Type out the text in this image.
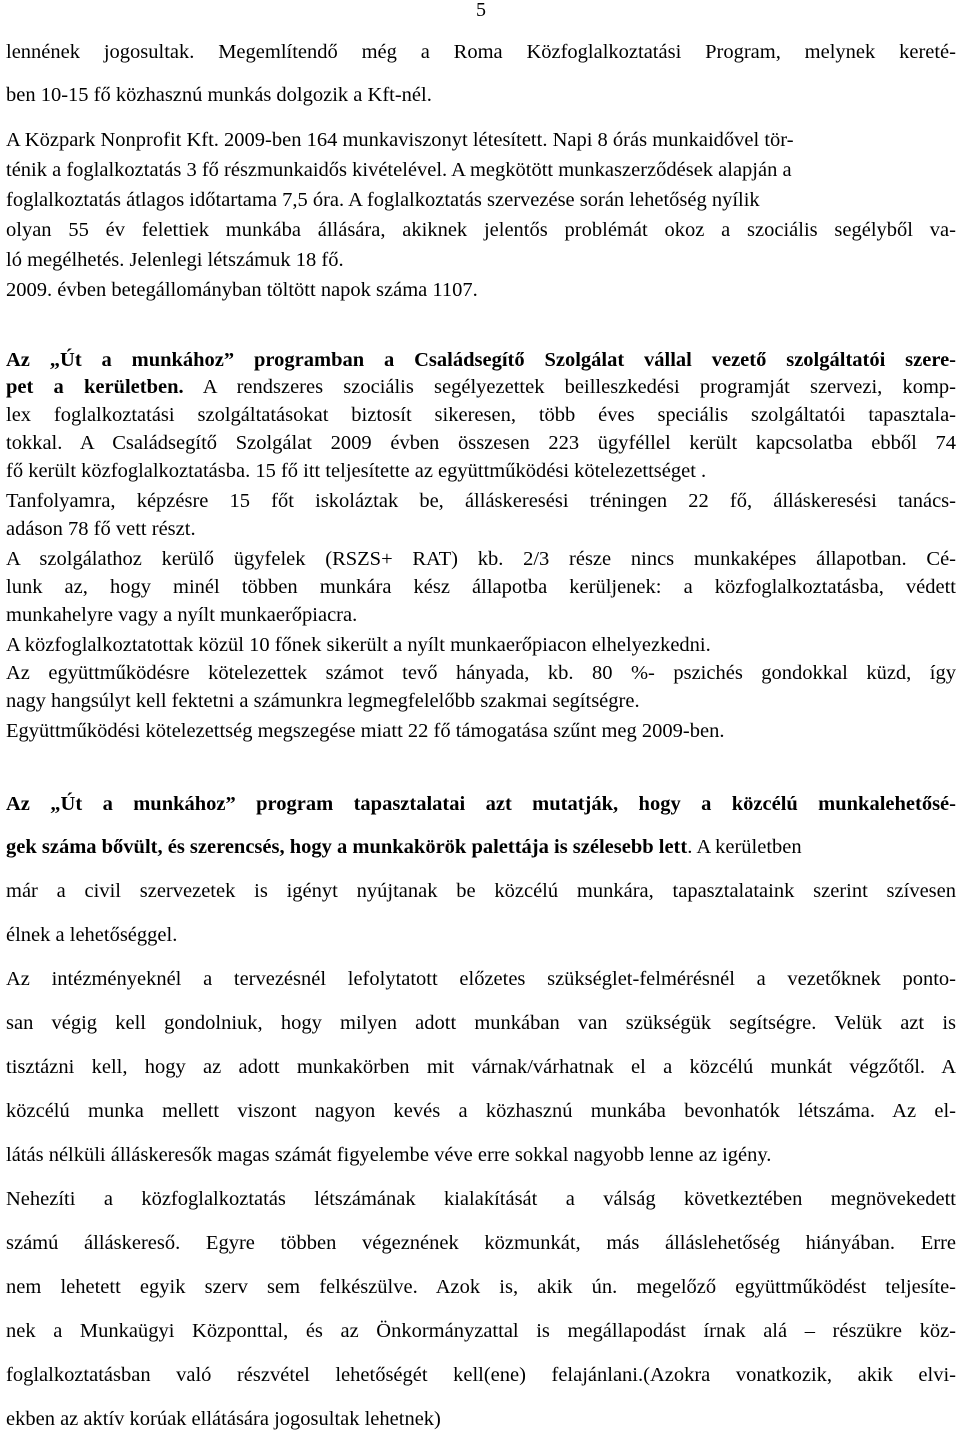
5
lennének jogosultak. Megemlítendő még a Roma Közfoglalkoztatási Program, melynek kereté-
ben 10-15 fő közhasznú munkás dolgozik a Kft-nél.
A Közpark Nonprofit Kft. 2009-ben 164 munkaviszonyt létesített. Napi 8 órás munkaidővel tör-
ténik a foglalkoztatás 3 fő részmunkaidős kivételével. A megkötött munkaszerződések alapján a
foglalkoztatás átlagos időtartama 7,5 óra. A foglalkoztatás szervezése során lehetőség nyílik
olyan 55 év felettiek munkába állására, akiknek jelentős problémát okoz a szociális segélyből va-
ló megélhetés. Jelenlegi létszámuk 18 fő.
2009. évben betegállományban töltött napok száma 1107.
Az „Út a munkához” programban a Családsegítő Szolgálat vállal vezető szolgáltatói szere-
pet a kerületben. A rendszeres szociális segélyezettek beilleszkedési programját szervezi, komp-
lex foglalkoztatási szolgáltatásokat biztosít sikeresen, több éves speciális szolgáltatói tapasztala-
tokkal. A Családsegítő Szolgálat 2009 évben összesen 223 ügyféllel került kapcsolatba ebből 74
fő került közfoglalkoztatásba. 15 fő itt teljesítette az együttműködési kötelezettséget .
Tanfolyamra, képzésre 15 főt iskoláztak be, álláskeresési tréningen 22 fő, álláskeresési tanács-
adáson 78 fő vett részt.
A szolgálathoz kerülő ügyfelek (RSZS+ RAT) kb. 2/3 része nincs munkaképes állapotban. Cé-
lunk az, hogy minél többen munkára kész állapotba kerüljenek: a közfoglalkoztatásba, védett
munkahelyre vagy a nyílt munkaerőpiacra.
A közfoglalkoztatottak közül 10 főnek sikerült a nyílt munkaerőpiacon elhelyezkedni.
Az együttműködésre kötelezettek számot tevő hányada, kb. 80 %- pszichés gondokkal küzd, így
nagy hangsúlyt kell fektetni a számunkra legmegfelelőbb szakmai segítségre.
Együttműködési kötelezettség megszegése miatt 22 fő támogatása szűnt meg 2009-ben.
Az „Út a munkához” program tapasztalatai azt mutatják, hogy a közcélú munkalehetősé-
gek száma bővült, és szerencsés, hogy a munkakörök palettája is szélesebb lett. A kerületben
már a civil szervezetek is igényt nyújtanak be közcélú munkára, tapasztalataink szerint szívesen
élnek a lehetőséggel.
Az intézményeknél a tervezésnél lefolytatott előzetes szükséglet-felmérésnél a vezetőknek ponto-
san végig kell gondolniuk, hogy milyen adott munkában van szükségük segítségre. Velük azt is
tisztázni kell, hogy az adott munkakörben mit várnak/várhatnak el a közcélú munkát végzőtől. A
közcélú munka mellett viszont nagyon kevés a közhasznú munkába bevonhatók létszáma. Az el-
látás nélküli álláskeresők magas számát figyelembe véve erre sokkal nagyobb lenne az igény.
Nehezíti a közfoglalkoztatás létszámának kialakítását a válság következtében megnövekedett
számú álláskereső. Egyre többen végeznének közmunkát, más álláslehetőség hiányában. Erre
nem lehetett egyik szerv sem felkészülve. Azok is, akik ún. megelőző együttműködést teljesíte-
nek a Munkaügyi Központtal, és az Önkormányzattal is megállapodást írnak alá – részükre köz-
foglalkoztatásban való részvétel lehetőségét kell(ene) felajánlani.(Azokra vonatkozik, akik elvi-
ekben az aktív korúak ellátására jogosultak lehetnek)
